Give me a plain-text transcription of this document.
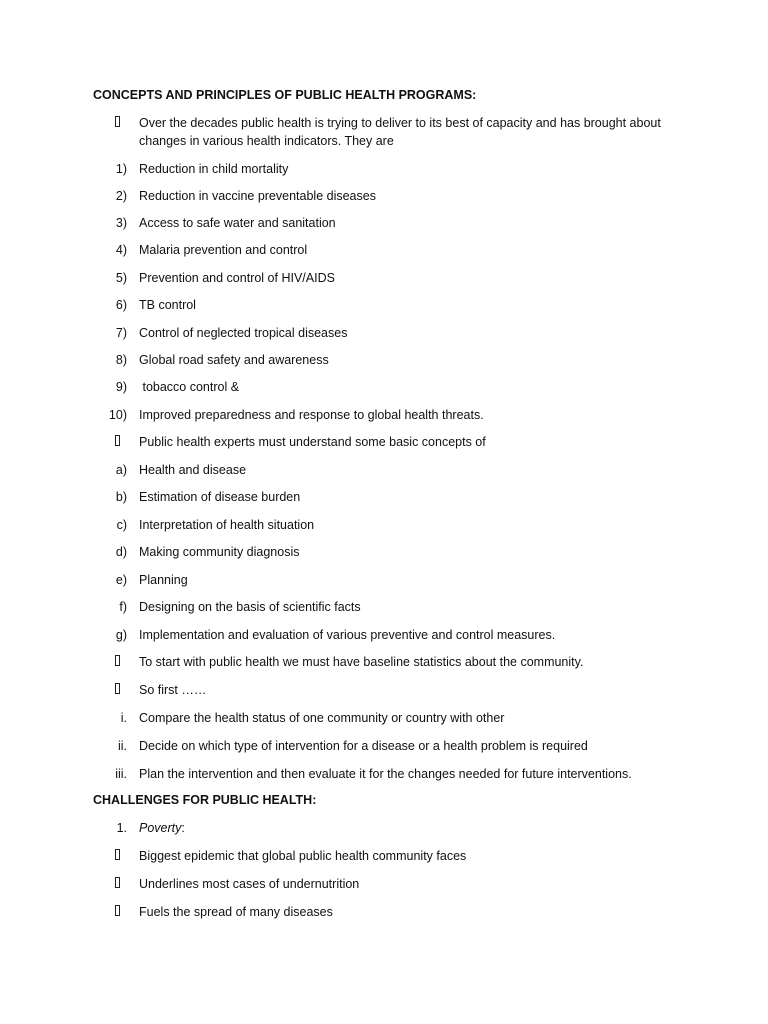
CONCEPTS AND PRINCIPLES OF PUBLIC HEALTH PROGRAMS:
Over the decades public health is trying to deliver to its best of capacity and has brought about changes in various health indicators. They are
1) Reduction in child mortality
2) Reduction in vaccine preventable diseases
3) Access to safe water and sanitation
4) Malaria prevention and control
5) Prevention and control of HIV/AIDS
6) TB control
7) Control of neglected tropical diseases
8) Global road safety and awareness
9) tobacco control &
10) Improved preparedness and response to global health threats.
Public health experts must understand some basic concepts of
a) Health and disease
b) Estimation of disease burden
c) Interpretation of health situation
d) Making community diagnosis
e) Planning
f) Designing on the basis of scientific facts
g) Implementation and evaluation of various preventive and control measures.
To start with public health we must have baseline statistics about the community.
So first ……
i. Compare the health status of one community or country with other
ii. Decide on which type of intervention for a disease or a health problem is required
iii. Plan the intervention and then evaluate it for the changes needed for future interventions.
CHALLENGES FOR PUBLIC HEALTH:
1. Poverty:
Biggest epidemic that global public health community faces
Underlines most cases of undernutrition
Fuels the spread of many diseases
